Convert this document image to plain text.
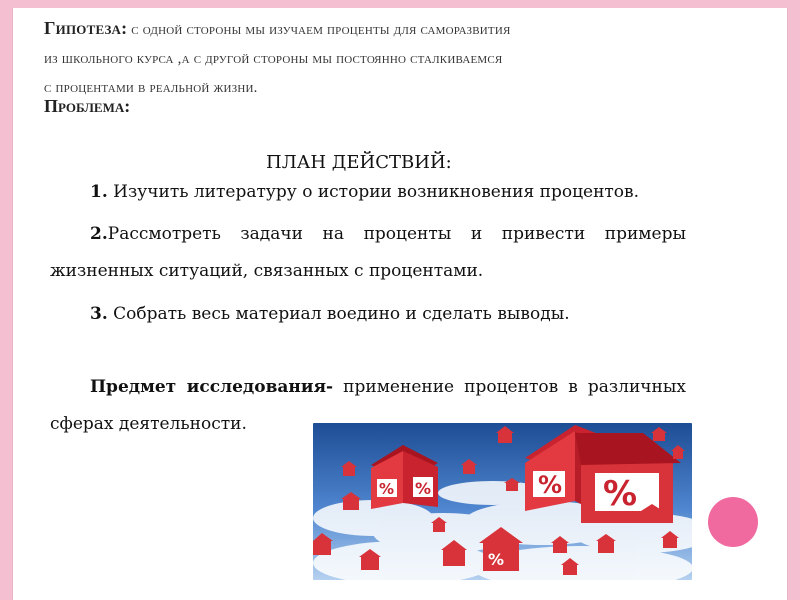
Гипотеза: с одной стороны мы изучаем проценты для саморазвития
из школьного курса ,а с другой стороны мы постоянно сталкиваемся
с процентами в реальной жизни.
Проблема:
ПЛАН ДЕЙСТВИЙ:
1. Изучить литературу о истории возникновения процентов.
2.Рассмотреть задачи на проценты и привести примеры
жизненных ситуаций, связанных с процентами.
3. Собрать весь материал воедино и сделать выводы.
Предмет исследования- применение процентов в различных
сферах деятельности.
% %
% %
%
